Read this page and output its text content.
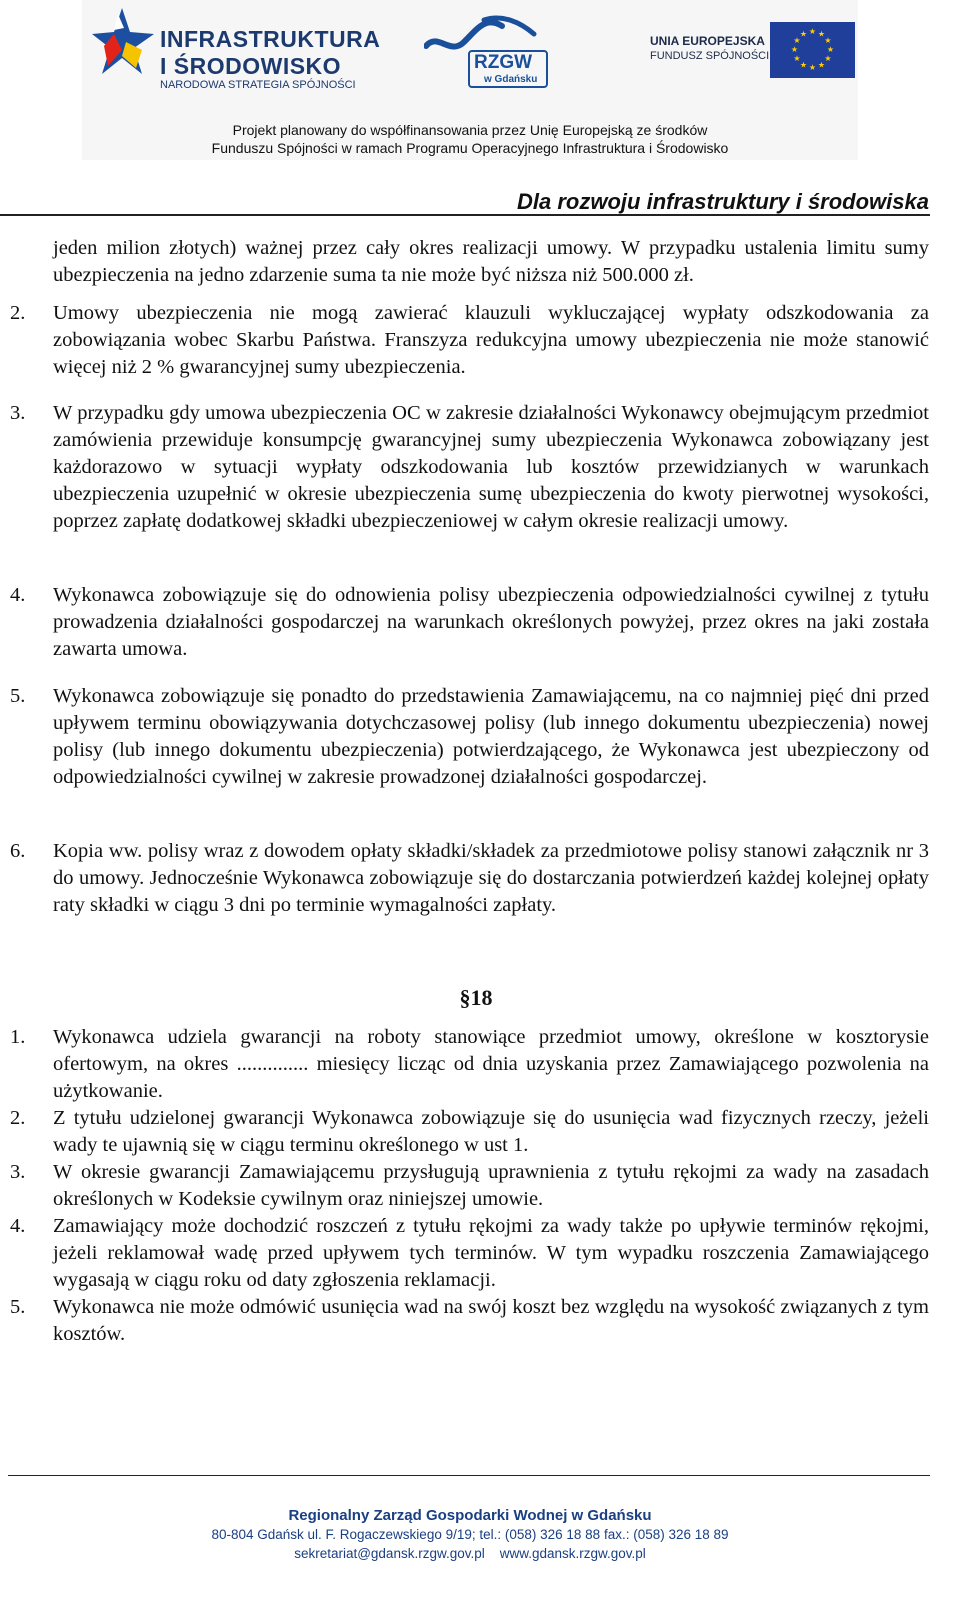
INFRASTRUKTURA
I ŚRODOWISKO
NARODOWA STRATEGIA SPÓJNOŚCI
RZGW
w Gdańsku
UNIA EUROPEJSKA
FUNDUSZ SPÓJNOŚCI
★ ★
★
★
★
★
★
★
★
★
★
★
Projekt planowany do współfinansowania przez Unię Europejską ze środków
Funduszu Spójności w ramach Programu Operacyjnego Infrastruktura i Środowisko
Dla rozwoju infrastruktury i środowiska
jeden milion złotych) ważnej przez cały okres realizacji umowy. W przypadku ustalenia limitu sumy ubezpieczenia na jedno zdarzenie suma ta nie może być niższa niż 500.000 zł.
2. Umowy ubezpieczenia nie mogą zawierać klauzuli wykluczającej wypłaty odszkodowania za zobowiązania wobec Skarbu Państwa. Franszyza redukcyjna umowy ubezpieczenia nie może stanowić więcej niż 2 % gwarancyjnej sumy ubezpieczenia.
3. W przypadku gdy umowa ubezpieczenia OC w zakresie działalności Wykonawcy obejmującym przedmiot zamówienia przewiduje konsumpcję gwarancyjnej sumy ubezpieczenia Wykonawca zobowiązany jest każdorazowo w sytuacji wypłaty odszkodowania lub kosztów przewidzianych w warunkach ubezpieczenia uzupełnić w okresie ubezpieczenia sumę ubezpieczenia do kwoty pierwotnej wysokości, poprzez zapłatę dodatkowej składki ubezpieczeniowej w całym okresie realizacji umowy.
4. Wykonawca zobowiązuje się do odnowienia polisy ubezpieczenia odpowiedzialności cywilnej z tytułu prowadzenia działalności gospodarczej na warunkach określonych powyżej, przez okres na jaki została zawarta umowa.
5. Wykonawca zobowiązuje się ponadto do przedstawienia Zamawiającemu, na co najmniej pięć dni przed upływem terminu obowiązywania dotychczasowej polisy (lub innego dokumentu ubezpieczenia) nowej polisy (lub innego dokumentu ubezpieczenia) potwierdzającego, że Wykonawca jest ubezpieczony od odpowiedzialności cywilnej w zakresie prowadzonej działalności gospodarczej.
6. Kopia ww. polisy wraz z dowodem opłaty składki/składek za przedmiotowe polisy stanowi załącznik nr 3 do umowy. Jednocześnie Wykonawca zobowiązuje się do dostarczania potwierdzeń każdej kolejnej opłaty raty składki w ciągu 3 dni po terminie wymagalności zapłaty.
§18
1. Wykonawca udziela gwarancji na roboty stanowiące przedmiot umowy, określone w kosztorysie ofertowym, na okres .............. miesięcy licząc od dnia uzyskania przez Zamawiającego pozwolenia na użytkowanie.
2. Z tytułu udzielonej gwarancji Wykonawca zobowiązuje się do usunięcia wad fizycznych rzeczy, jeżeli wady te ujawnią się w ciągu terminu określonego w ust 1.
3. W okresie gwarancji Zamawiającemu przysługują uprawnienia z tytułu rękojmi za wady na zasadach określonych w Kodeksie cywilnym oraz niniejszej umowie.
4. Zamawiający może dochodzić roszczeń z tytułu rękojmi za wady także po upływie terminów rękojmi, jeżeli reklamował wadę przed upływem tych terminów. W tym wypadku roszczenia Zamawiającego wygasają w ciągu roku od daty zgłoszenia reklamacji.
5. Wykonawca nie może odmówić usunięcia wad na swój koszt bez względu na wysokość związanych z tym kosztów.
Regionalny Zarząd Gospodarki Wodnej w Gdańsku
80-804 Gdańsk ul. F. Rogaczewskiego 9/19; tel.: (058) 326 18 88 fax.: (058) 326 18 89
sekretariat@gdansk.rzgw.gov.pl    www.gdansk.rzgw.gov.pl
